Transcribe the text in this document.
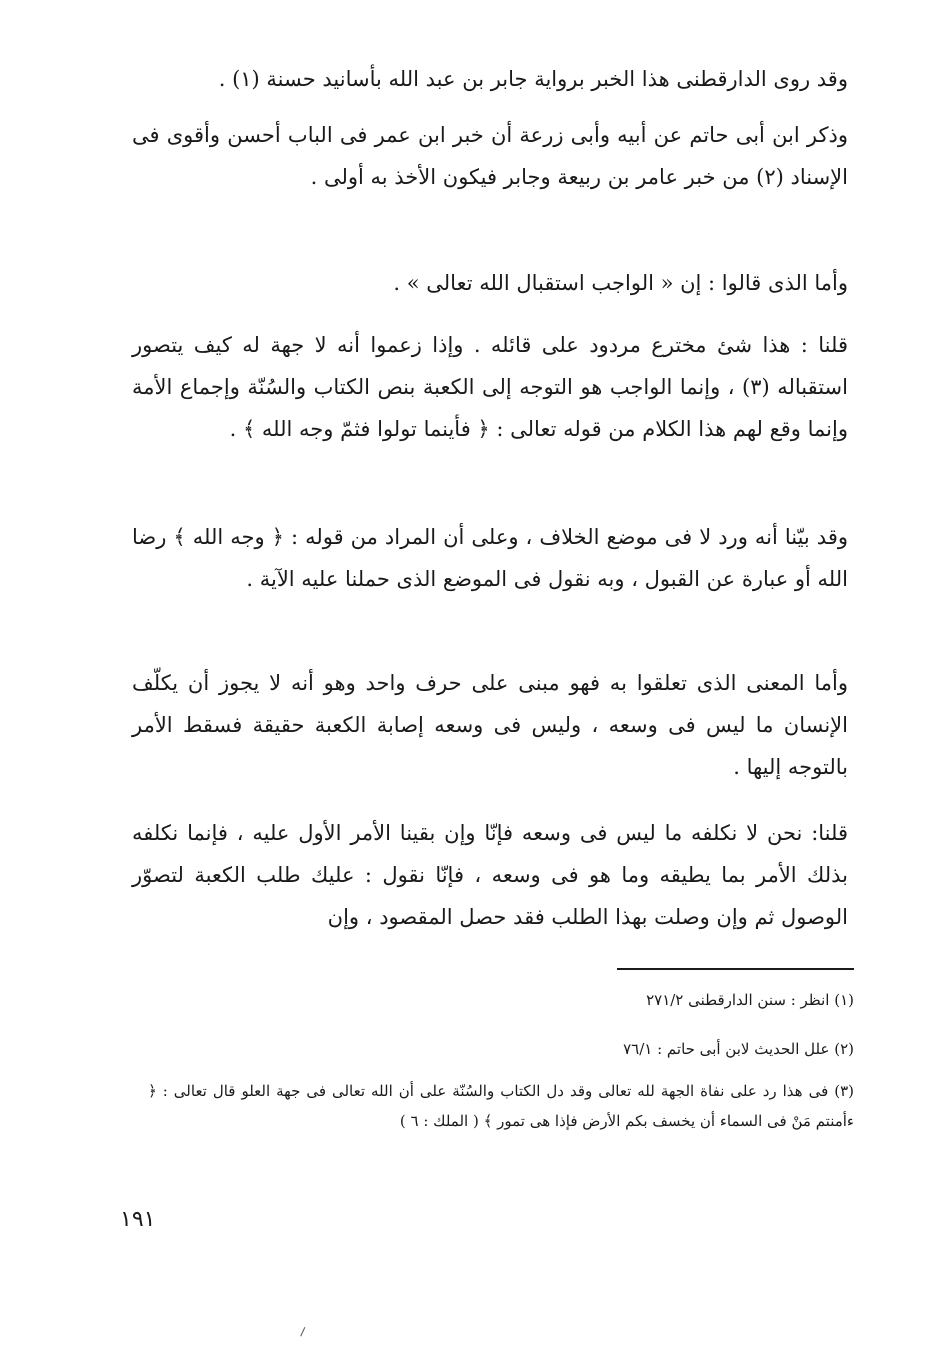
وقد روى الدارقطنى هذا الخبر برواية جابر بن عبد الله بأسانيد حسنة (١) .

وذكر ابن أبى حاتم عن أبيه وأبى زرعة أن خبر ابن عمر فى الباب أحسن وأقوى فى الإسناد (٢) من خبر عامر بن ربيعة وجابر فيكون الأخذ به أولى .

وأما الذى قالوا : إن « الواجب استقبال الله تعالى » .

قلنا : هذا شئ مخترع مردود على قائله . وإذا زعموا أنه لا جهة له كيف يتصور استقباله (٣) ، وإنما الواجب هو التوجه إلى الكعبة بنص الكتاب والسُنّة وإجماع الأمة وإنما وقع لهم هذا الكلام من قوله تعالى : ﴿ فأينما تولوا فثمّ وجه الله ﴾ .

وقد بيّنا أنه ورد لا فى موضع الخلاف ، وعلى أن المراد من قوله : ﴿ وجه الله ﴾ رضا الله أو عبارة عن القبول ، وبه نقول فى الموضع الذى حملنا عليه الآية .

وأما المعنى الذى تعلقوا به فهو مبنى على حرف واحد وهو أنه لا يجوز أن يكلّف الإنسان ما ليس فى وسعه ، وليس فى وسعه إصابة الكعبة حقيقة فسقط الأمر بالتوجه إليها .

قلنا: نحن لا نكلفه ما ليس فى وسعه فإنّا وإن بقينا الأمر الأول عليه ، فإنما نكلفه بذلك الأمر بما يطيقه وما هو فى وسعه ، فإنّا نقول : عليك طلب الكعبة لتصوّر الوصول ثم وإن وصلت بهذا الطلب فقد حصل المقصود ، وإن

(١) انظر : سنن الدارقطنى ٢٧١/٢

(٢) علل الحديث لابن أبى حاتم : ٧٦/١

(٣) فى هذا رد على نفاة الجهة لله تعالى وقد دل الكتاب والسُنّة على أن الله تعالى فى جهة العلو قال تعالى : ﴿ ءأمنتم مَنْ فى السماء أن يخسف بكم الأرض فإذا هى تمور ﴾ ( الملك : ٦ )

١٩١
